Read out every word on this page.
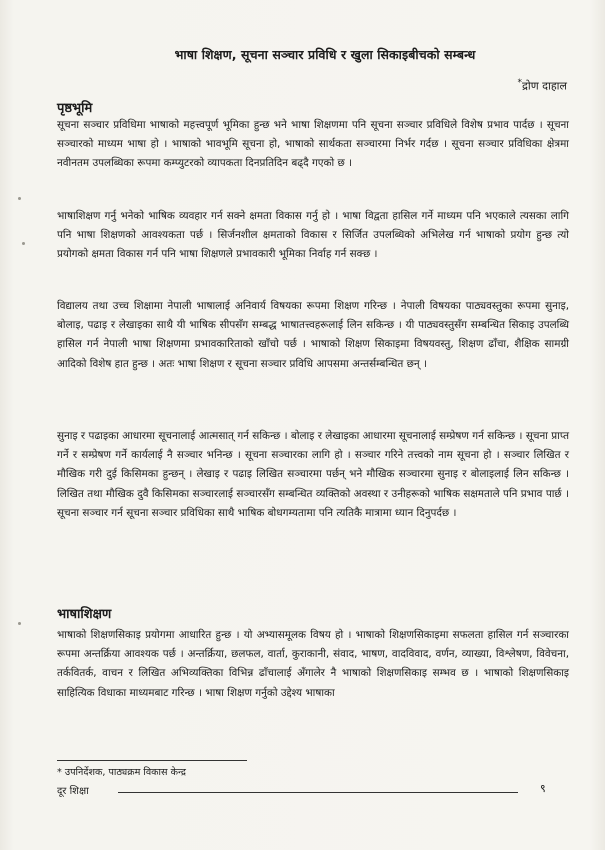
भाषा शिक्षण, सूचना सञ्चार प्रविधि र खुला सिकाइबीचको सम्बन्ध
*द्रोण दाहाल
पृष्ठभूमि

सूचना सञ्चार प्रविधिमा भाषाको महत्त्वपूर्ण भूमिका हुन्छ भने भाषा शिक्षणमा पनि सूचना सञ्चार प्रविधिले विशेष प्रभाव पार्दछ । सूचना सञ्चारको माध्यम भाषा हो । भाषाको भावभूमि सूचना हो, भाषाको सार्थकता सञ्चारमा निर्भर गर्दछ । सूचना सञ्चार प्रविधिका क्षेत्रमा नवीनतम उपलब्धिका रूपमा कम्प्युटरको व्यापकता दिनप्रतिदिन बढ्दै गएको छ ।

भाषाशिक्षण गर्नु भनेको भाषिक व्यवहार गर्न सक्ने क्षमता विकास गर्नु हो । भाषा विद्वता हासिल गर्ने माध्यम पनि भएकाले त्यसका लागि पनि भाषा शिक्षणको आवश्यकता पर्छ । सिर्जनशील क्षमताको विकास र सिर्जित उपलब्धिको अभिलेख गर्न भाषाको प्रयोग हुन्छ त्यो प्रयोगको क्षमता विकास गर्न पनि भाषा शिक्षणले प्रभावकारी भूमिका निर्वाह गर्न सक्छ ।

विद्यालय तथा उच्च शिक्षामा नेपाली भाषालाई अनिवार्य विषयका रूपमा शिक्षण गरिन्छ । नेपाली विषयका पाठ्यवस्तुका रूपमा सुनाइ, बोलाइ, पढाइ र लेखाइका साथै यी भाषिक सीपसँग सम्बद्ध भाषातत्त्वहरूलाई लिन सकिन्छ । यी पाठ्यवस्तुसँग सम्बन्धित सिकाइ उपलब्धि हासिल गर्न नेपाली भाषा शिक्षणमा प्रभावकारिताको खाँचो पर्छ । भाषाको शिक्षण सिकाइमा विषयवस्तु, शिक्षण ढाँचा, शैक्षिक सामग्री आदिको विशेष हात हुन्छ । अतः भाषा शिक्षण र सूचना सञ्चार प्रविधि आपसमा अन्तर्सम्बन्धित छन् ।

सुनाइ र पढाइका आधारमा सूचनालाई आत्मसात् गर्न सकिन्छ । बोलाइ र लेखाइका आधारमा सूचनालाई सम्प्रेषण गर्न सकिन्छ । सूचना प्राप्त गर्ने र सम्प्रेषण गर्ने कार्यलाई नै सञ्चार भनिन्छ । सूचना सञ्चारका लागि हो । सञ्चार गरिने तत्त्वको नाम सूचना हो । सञ्चार लिखित र मौखिक गरी दुई किसिमका हुन्छन् । लेखाइ र पढाइ लिखित सञ्चारमा पर्छन् भने मौखिक सञ्चारमा सुनाइ र बोलाइलाई लिन सकिन्छ । लिखित तथा मौखिक दुवै किसिमका सञ्चारलाई सञ्चारसँग सम्बन्धित व्यक्तिको अवस्था र उनीहरूको भाषिक सक्षमताले पनि प्रभाव पार्छ । सूचना सञ्चार गर्न सूचना सञ्चार प्रविधिका साथै भाषिक बोधगम्यतामा पनि त्यतिकै मात्रामा ध्यान दिनुपर्दछ ।

भाषाशिक्षण

भाषाको शिक्षणसिकाइ प्रयोगमा आधारित हुन्छ । यो अभ्यासमूलक विषय हो । भाषाको शिक्षणसिकाइमा सफलता हासिल गर्न सञ्चारका रूपमा अन्तर्क्रिया आवश्यक पर्छ । अन्तर्क्रिया, छलफल, वार्ता, कुराकानी, संवाद, भाषण, वादविवाद, वर्णन, व्याख्या, विश्लेषण, विवेचना, तर्कवितर्क, वाचन र लिखित अभिव्यक्तिका विभिन्न ढाँचालाई अँगालेर नै भाषाको शिक्षणसिकाइ सम्भव छ । भाषाको शिक्षणसिकाइ साहित्यिक विधाका माध्यमबाट गरिन्छ । भाषा शिक्षण गर्नुको उद्देश्य भाषाका

* उपनिर्देशक, पाठ्यक्रम विकास केन्द्र
दूर शिक्षा	९
